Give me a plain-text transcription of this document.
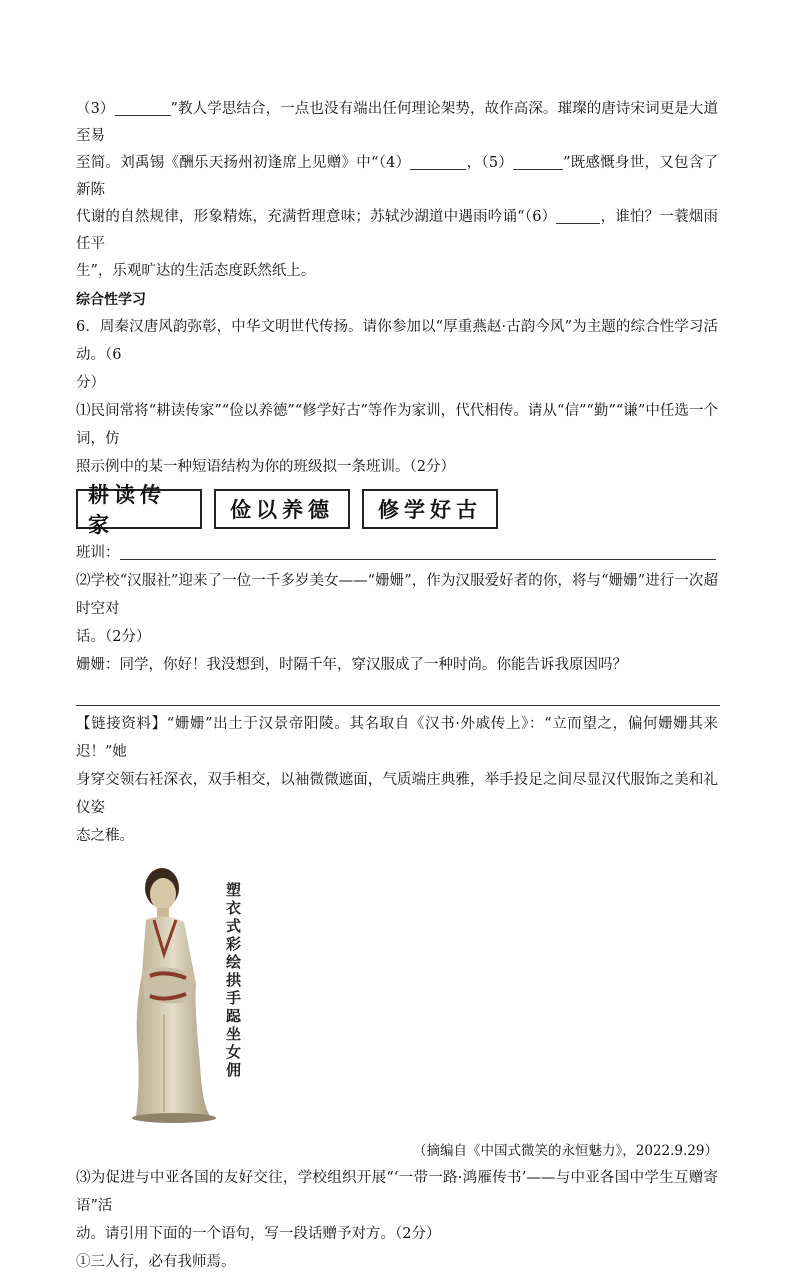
（3）	”教人学思结合，一点也没有端出任何理论架势，故作高深。璀璨的唐诗宋词更是大道至易

至简。刘禹锡《酬乐天扬州初逢席上见赠》中“（4）	，（5）	”既感慨身世，又包含了新陈

代谢的自然规律，形象精炼，充满哲理意味；苏轼沙湖道中遇雨吟诵“（6）	，谁怕？一蓑烟雨任平

生”，乐观旷达的生活态度跃然纸上。

综合性学习

6．周秦汉唐风韵弥彰，中华文明世代传扬。请你参加以“厚重燕赵·古韵今风”为主题的综合性学习活动。（6

分）

⑴民间常将“耕读传家”“俭以养德”“修学好古”等作为家训，代代相传。请从“信”“勤”“谦”中任选一个词，仿

照示例中的某一种短语结构为你的班级拟一条班训。（2分）

耕读传家
俭以养德	修学好古

班训：

⑵学校“汉服社”迎来了一位一千多岁美女——“姗姗”，作为汉服爱好者的你，将与“姗姗”进行一次超时空对

话。（2分）

姗姗：同学，你好！我没想到，时隔千年，穿汉服成了一种时尚。你能告诉我原因吗？

【链接资料】“姗姗”出土于汉景帝阳陵。其名取自《汉书·外戚传上》：“立而望之，偏何姗姗其来迟！”她

身穿交领右衽深衣，双手相交，以袖微微遮面，气质端庄典雅，举手投足之间尽显汉代服饰之美和礼仪姿

态之稚。

塑衣式彩绘拱手跽坐女佣

（摘编自《中国式微笑的永恒魅力》，2022.9.29）

⑶为促进与中亚各国的友好交往，学校组织开展“‘一带一路·鸿雁传书’——与中亚各国中学生互赠寄语”活

动。请引用下面的一个语句，写一段话赠予对方。（2分）

①三人行，必有我师焉。
